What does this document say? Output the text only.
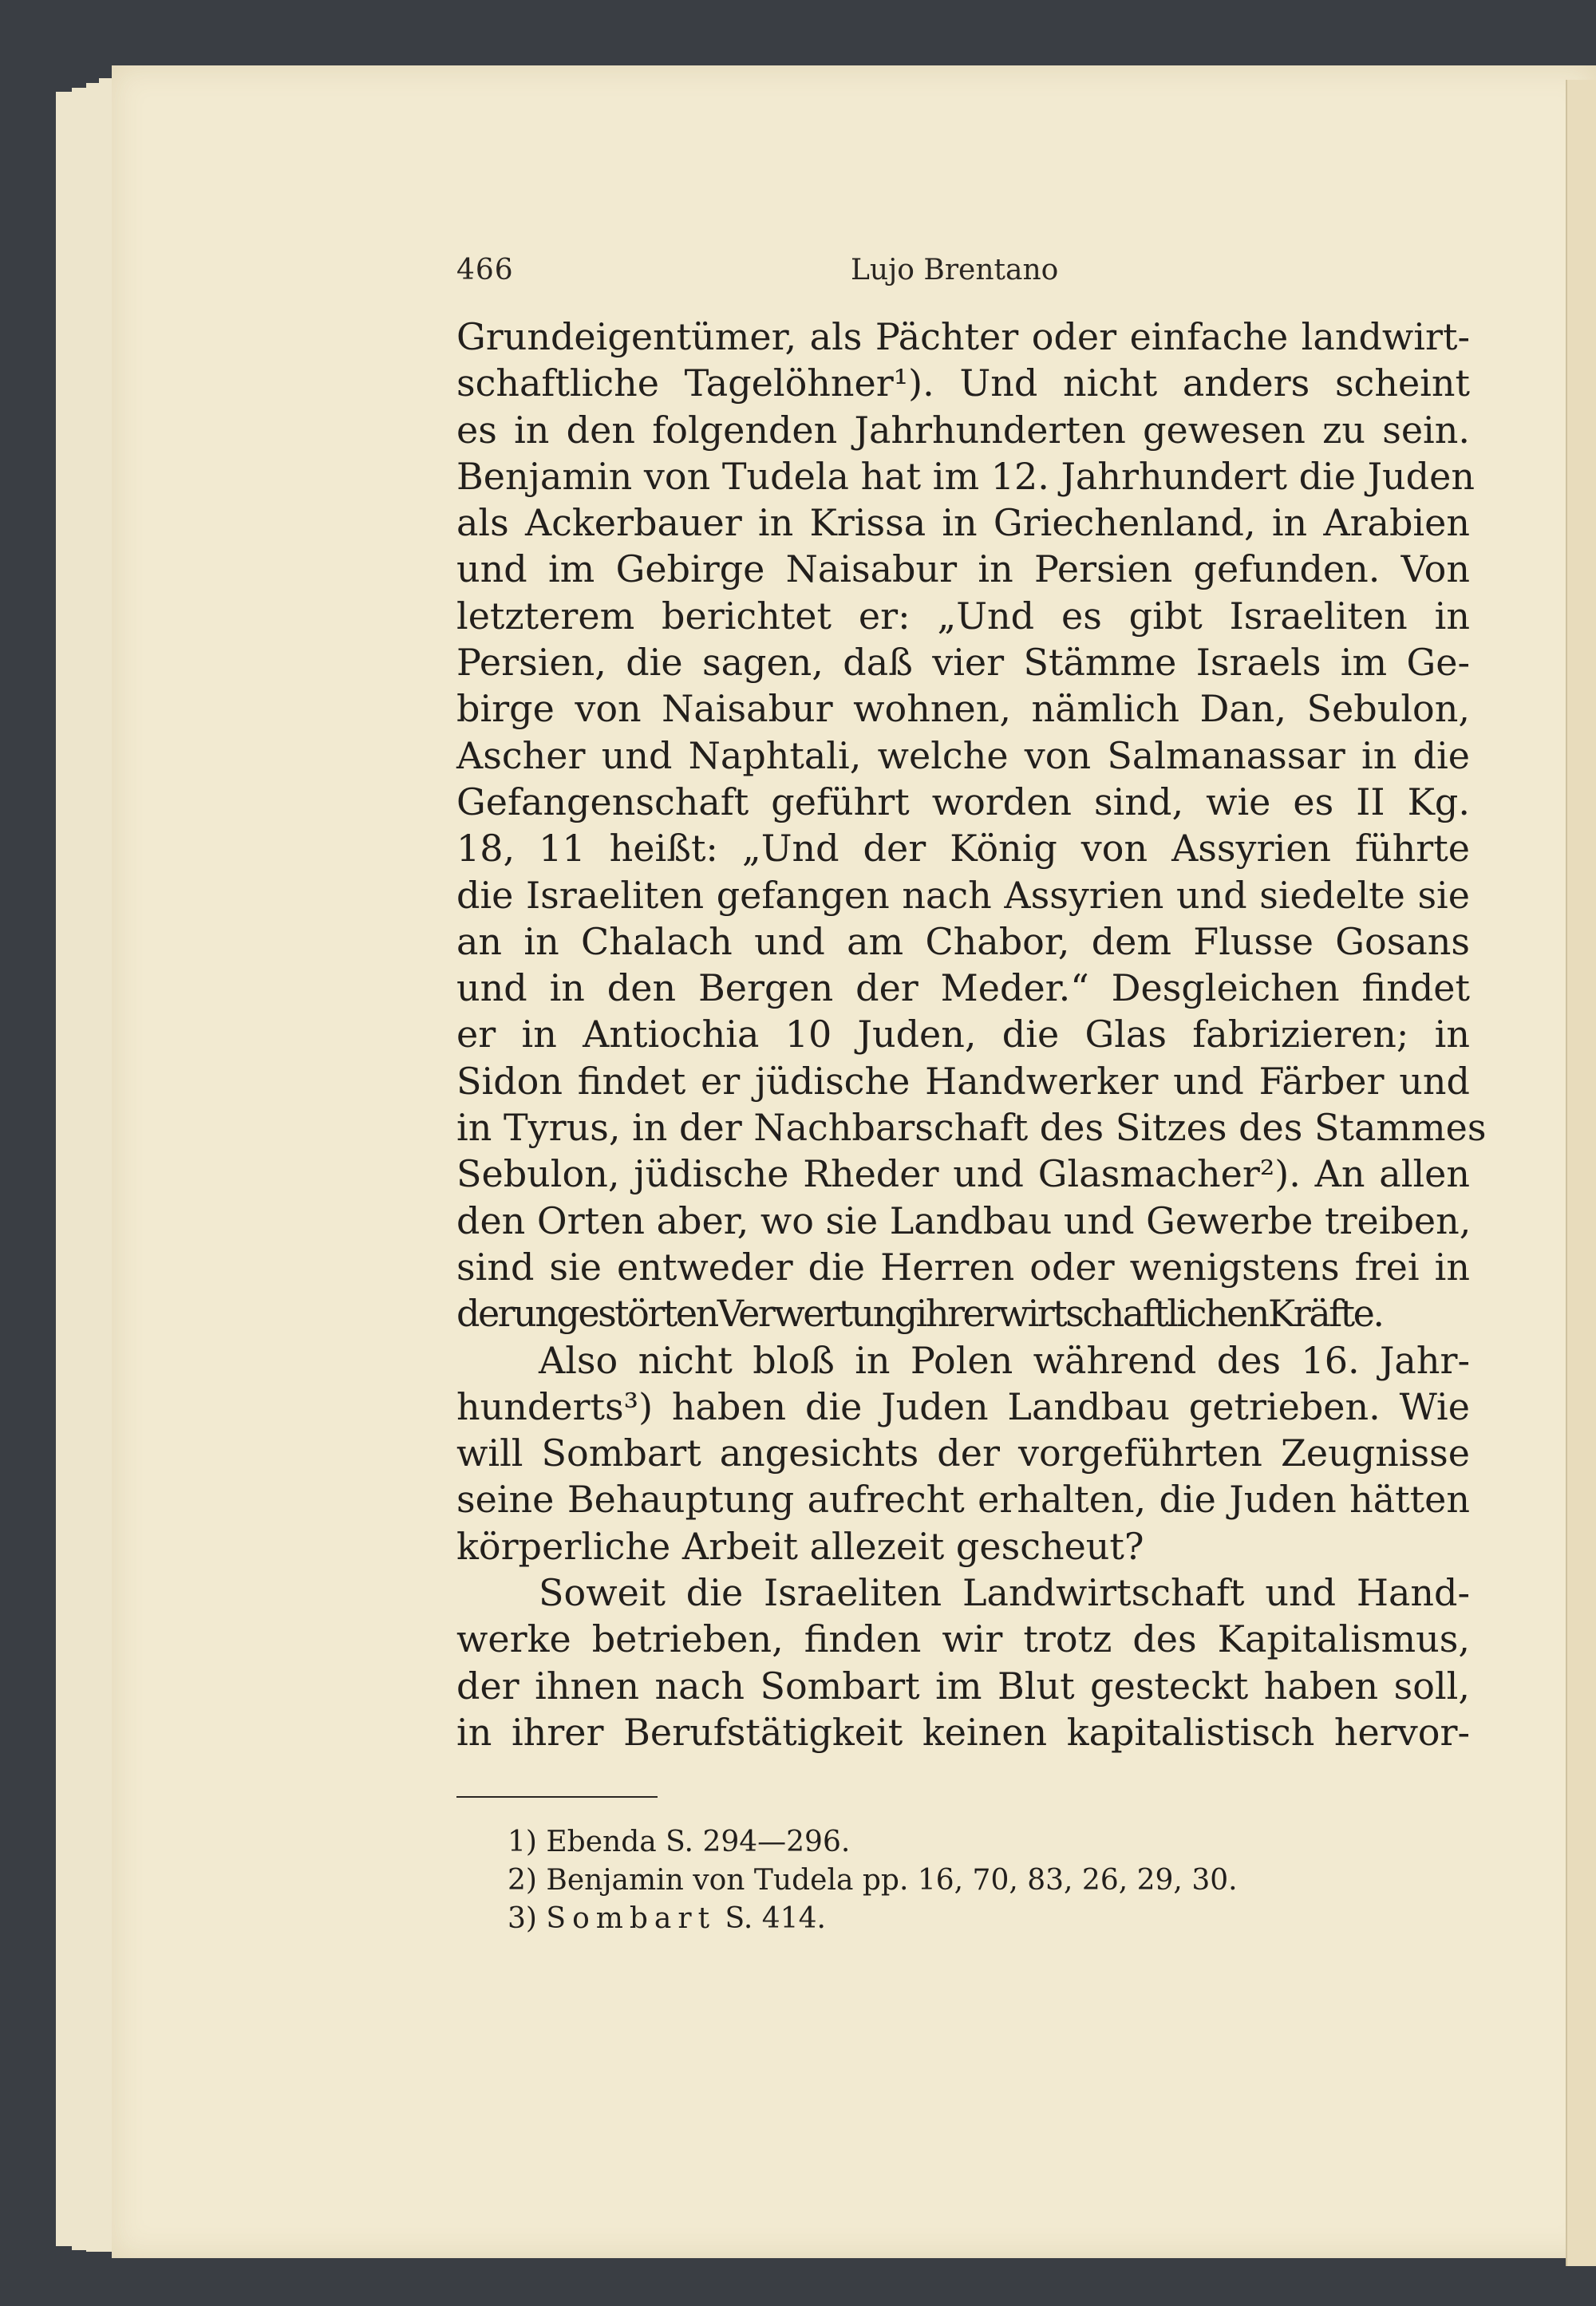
466	Lujo Brentano
Grundeigentümer, als Pächter oder einfache landwirt-
schaftliche Tagelöhner¹). Und nicht anders scheint
es in den folgenden Jahrhunderten gewesen zu sein.
Benjamin von Tudela hat im 12. Jahrhundert die Juden
als Ackerbauer in Krissa in Griechenland, in Arabien
und im Gebirge Naisabur in Persien gefunden. Von
letzterem berichtet er: „Und es gibt Israeliten in
Persien, die sagen, daß vier Stämme Israels im Ge-
birge von Naisabur wohnen, nämlich Dan, Sebulon,
Ascher und Naphtali, welche von Salmanassar in die
Gefangenschaft geführt worden sind, wie es II Kg.
18, 11 heißt: „Und der König von Assyrien führte
die Israeliten gefangen nach Assyrien und siedelte sie
an in Chalach und am Chabor, dem Flusse Gosans
und in den Bergen der Meder.“ Desgleichen findet
er in Antiochia 10 Juden, die Glas fabrizieren; in
Sidon findet er jüdische Handwerker und Färber und
in Tyrus, in der Nachbarschaft des Sitzes des Stammes
Sebulon, jüdische Rheder und Glasmacher²). An allen
den Orten aber, wo sie Landbau und Gewerbe treiben,
sind sie entweder die Herren oder wenigstens frei in
derungestörtenVerwertungihrerwirtschaftlichenKräfte.
Also nicht bloß in Polen während des 16. Jahr-
hunderts³) haben die Juden Landbau getrieben. Wie
will Sombart angesichts der vorgeführten Zeugnisse
seine Behauptung aufrecht erhalten, die Juden hätten
körperliche Arbeit allezeit gescheut?
Soweit die Israeliten Landwirtschaft und Hand-
werke betrieben, finden wir trotz des Kapitalismus,
der ihnen nach Sombart im Blut gesteckt haben soll,
in ihrer Berufstätigkeit keinen kapitalistisch hervor-
1) Ebenda S. 294—296.
2) Benjamin von Tudela pp. 16, 70, 83, 26, 29, 30.
3) Sombart S. 414.
